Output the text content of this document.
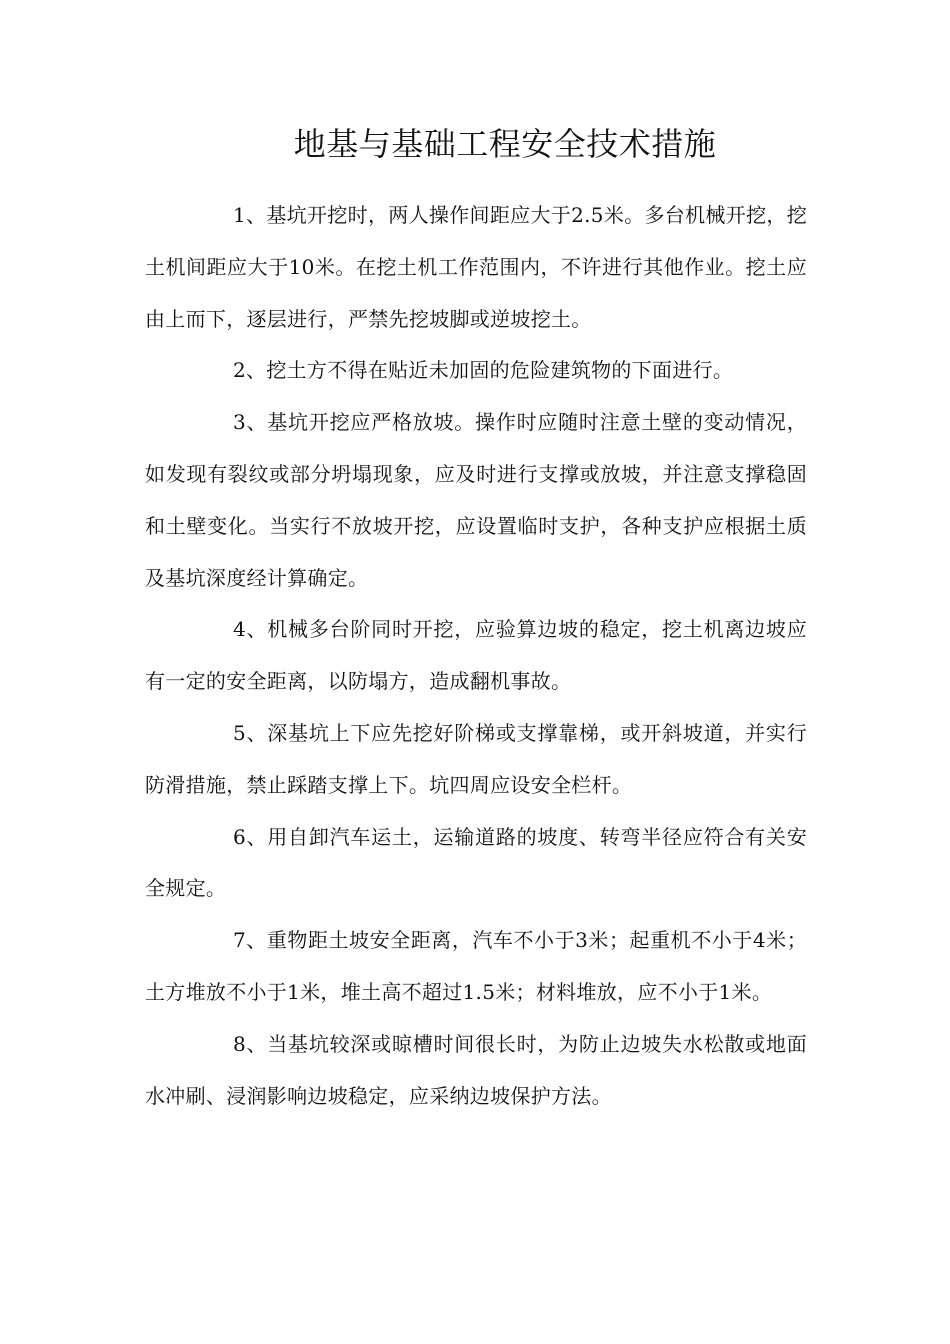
地基与基础工程安全技术措施

1、基坑开挖时，两人操作间距应大于2.5米。多台机械开挖，挖土机间距应大于10米。在挖土机工作范围内，不许进行其他作业。挖土应由上而下，逐层进行，严禁先挖坡脚或逆坡挖土。

2、挖土方不得在贴近未加固的危险建筑物的下面进行。

3、基坑开挖应严格放坡。操作时应随时注意土壁的变动情况，如发现有裂纹或部分坍塌现象，应及时进行支撑或放坡，并注意支撑稳固和土壁变化。当实行不放坡开挖，应设置临时支护，各种支护应根据土质及基坑深度经计算确定。

4、机械多台阶同时开挖，应验算边坡的稳定，挖土机离边坡应有一定的安全距离，以防塌方，造成翻机事故。

5、深基坑上下应先挖好阶梯或支撑靠梯，或开斜坡道，并实行防滑措施，禁止踩踏支撑上下。坑四周应设安全栏杆。

6、用自卸汽车运土，运输道路的坡度、转弯半径应符合有关安全规定。

7、重物距土坡安全距离，汽车不小于3米；起重机不小于4米；土方堆放不小于1米，堆土高不超过1.5米；材料堆放，应不小于1米。

8、当基坑较深或晾槽时间很长时，为防止边坡失水松散或地面水冲刷、浸润影响边坡稳定，应采纳边坡保护方法。
